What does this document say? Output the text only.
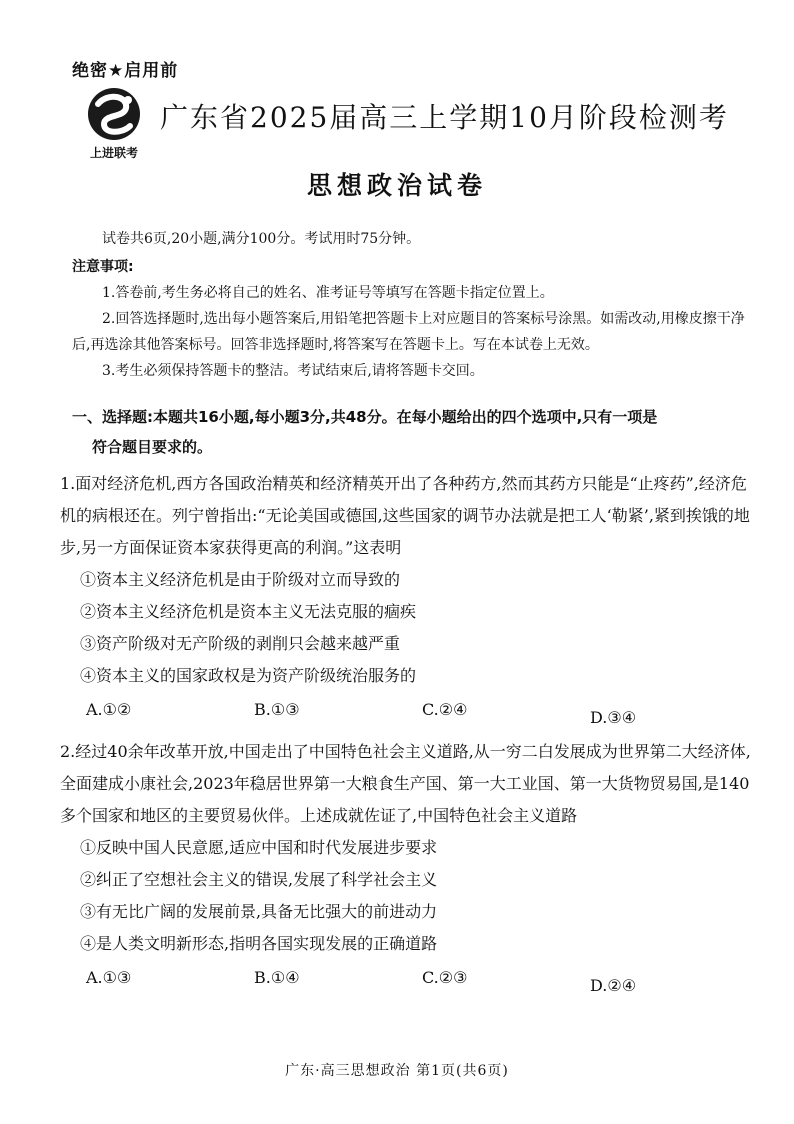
绝密★启用前
上进联考
广东省2025届高三上学期10月阶段检测考
思想政治试卷

试卷共6页,20小题,满分100分。考试用时75分钟。

注意事项:

1.答卷前,考生务必将自己的姓名、准考证号等填写在答题卡指定位置上。

2.回答选择题时,选出每小题答案后,用铅笔把答题卡上对应题目的答案标号涂黑。如需改动,用橡皮擦干净后,再选涂其他答案标号。回答非选择题时,将答案写在答题卡上。写在本试卷上无效。

3.考生必须保持答题卡的整洁。考试结束后,请将答题卡交回。

一、选择题:本题共16小题,每小题3分,共48分。在每小题给出的四个选项中,只有一项是
符合题目要求的。

1.面对经济危机,西方各国政治精英和经济精英开出了各种药方,然而其药方只能是“止疼药”,经济危机的病根还在。列宁曾指出:“无论美国或德国,这些国家的调节办法就是把工人‘勒紧’,紧到挨饿的地步,另一方面保证资本家获得更高的利润。”这表明

①资本主义经济危机是由于阶级对立而导致的

②资本主义经济危机是资本主义无法克服的痼疾

③资产阶级对无产阶级的剥削只会越来越严重

④资本主义的国家政权是为资产阶级统治服务的

A.①②	B.①③	C.②④	D.③④

2.经过40余年改革开放,中国走出了中国特色社会主义道路,从一穷二白发展成为世界第二大经济体,全面建成小康社会,2023年稳居世界第一大粮食生产国、第一大工业国、第一大货物贸易国,是140多个国家和地区的主要贸易伙伴。上述成就佐证了,中国特色社会主义道路

①反映中国人民意愿,适应中国和时代发展进步要求

②纠正了空想社会主义的错误,发展了科学社会主义

③有无比广阔的发展前景,具备无比强大的前进动力

④是人类文明新形态,指明各国实现发展的正确道路

A.①③	B.①④	C.②③	D.②④
广东·高三思想政治 第1页(共6页)
